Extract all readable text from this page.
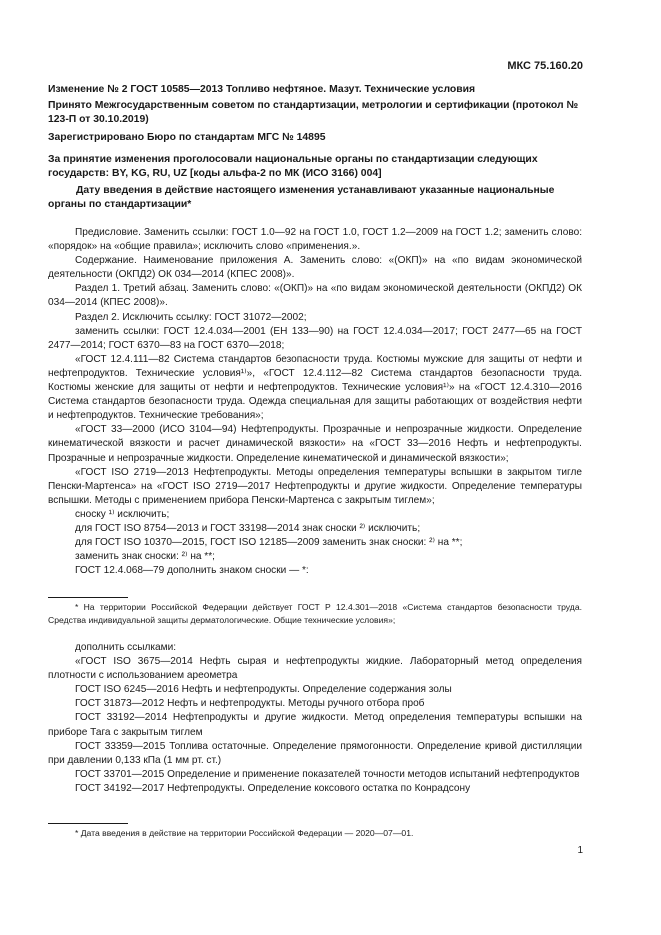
МКС 75.160.20
Изменение № 2 ГОСТ 10585—2013 Топливо нефтяное. Мазут. Технические условия
Принято Межгосударственным советом по стандартизации, метрологии и сертификации (протокол № 123-П от 30.10.2019)
Зарегистрировано Бюро по стандартам МГС № 14895
За принятие изменения проголосовали национальные органы по стандартизации следующих государств: BY, KG, RU, UZ [коды альфа-2 по МК (ИСО 3166) 004]
Дату введения в действие настоящего изменения устанавливают указанные национальные органы по стандартизации*

Предисловие. Заменить ссылки: ГОСТ 1.0—92 на ГОСТ 1.0, ГОСТ 1.2—2009 на ГОСТ 1.2; заменить слово: «порядок» на «общие правила»; исключить слово «применения.».

Содержание. Наименование приложения А. Заменить слово: «(ОКП)» на «по видам экономической деятельности (ОКПД2) ОК 034—2014 (КПЕС 2008)».

Раздел 1. Третий абзац. Заменить слово: «(ОКП)» на «по видам экономической деятельности (ОКПД2) ОК 034—2014 (КПЕС 2008)».

Раздел 2. Исключить ссылку: ГОСТ 31072—2002;

заменить ссылки: ГОСТ 12.4.034—2001 (ЕН 133—90) на ГОСТ 12.4.034—2017; ГОСТ 2477—65 на ГОСТ 2477—2014; ГОСТ 6370—83 на ГОСТ 6370—2018;

«ГОСТ 12.4.111—82 Система стандартов безопасности труда. Костюмы мужские для защиты от нефти и нефтепродуктов. Технические условия¹⁾», «ГОСТ 12.4.112—82 Система стандартов безопасности труда. Костюмы женские для защиты от нефти и нефтепродуктов. Технические условия¹⁾» на «ГОСТ 12.4.310—2016 Система стандартов безопасности труда. Одежда специальная для защиты работающих от воздействия нефти и нефтепродуктов. Технические требования»;

«ГОСТ 33—2000 (ИСО 3104—94) Нефтепродукты. Прозрачные и непрозрачные жидкости. Определение кинематической вязкости и расчет динамической вязкости» на «ГОСТ 33—2016 Нефть и нефтепродукты. Прозрачные и непрозрачные жидкости. Определение кинематической и динамической вязкости»;

«ГОСТ ISO 2719—2013 Нефтепродукты. Методы определения температуры вспышки в закрытом тигле Пенски-Мартенса» на «ГОСТ ISO 2719—2017 Нефтепродукты и другие жидкости. Определение температуры вспышки. Методы с применением прибора Пенски-Мартенса с закрытым тиглем»;

сноску ¹⁾ исключить;

для ГОСТ ISO 8754—2013 и ГОСТ 33198—2014 знак сноски ²⁾ исключить;

для ГОСТ ISO 10370—2015, ГОСТ ISO 12185—2009 заменить знак сноски: ²⁾ на **;

заменить знак сноски: ²⁾ на **;

ГОСТ 12.4.068—79 дополнить знаком сноски — *:

* На территории Российской Федерации действует ГОСТ Р 12.4.301—2018 «Система стандартов безопасности труда. Средства индивидуальной защиты дерматологические. Общие технические условия»;

дополнить ссылками:

«ГОСТ ISO 3675—2014 Нефть сырая и нефтепродукты жидкие. Лабораторный метод определения плотности с использованием ареометра

ГОСТ ISO 6245—2016 Нефть и нефтепродукты. Определение содержания золы

ГОСТ 31873—2012 Нефть и нефтепродукты. Методы ручного отбора проб

ГОСТ 33192—2014 Нефтепродукты и другие жидкости. Метод определения температуры вспышки на приборе Тага с закрытым тиглем

ГОСТ 33359—2015 Топлива остаточные. Определение прямогонности. Определение кривой дистилляции при давлении 0,133 кПа (1 мм рт. ст.)

ГОСТ 33701—2015 Определение и применение показателей точности методов испытаний нефтепродуктов

ГОСТ 34192—2017 Нефтепродукты. Определение коксового остатка по Конрадсону

* Дата введения в действие на территории Российской Федерации — 2020—07—01.

1
